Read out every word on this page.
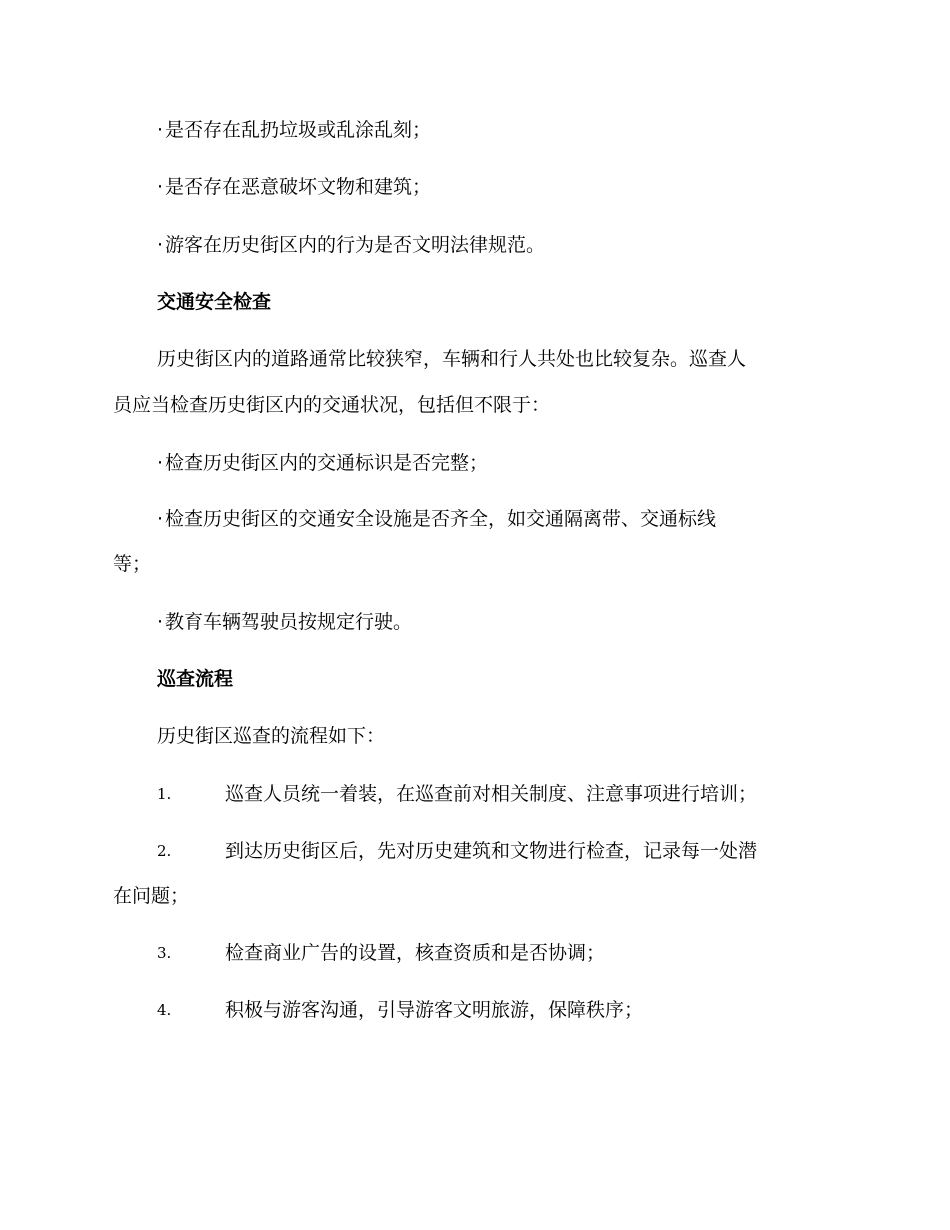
· 是否存在乱扔垃圾或乱涂乱刻；
· 是否存在恶意破坏文物和建筑；
· 游客在历史街区内的行为是否文明法律规范。
交通安全检查
历史街区内的道路通常比较狭窄，车辆和行人共处也比较复杂。巡查人
员应当检查历史街区内的交通状况，包括但不限于：
· 检查历史街区内的交通标识是否完整；
· 检查历史街区的交通安全设施是否齐全，如交通隔离带、交通标线
等；
· 教育车辆驾驶员按规定行驶。
巡查流程
历史街区巡查的流程如下：
1.	巡查人员统一着装，在巡查前对相关制度、注意事项进行培训；
2.	到达历史街区后，先对历史建筑和文物进行检查，记录每一处潜
在问题；
3.	检查商业广告的设置，核查资质和是否协调；
4.	积极与游客沟通，引导游客文明旅游，保障秩序；
